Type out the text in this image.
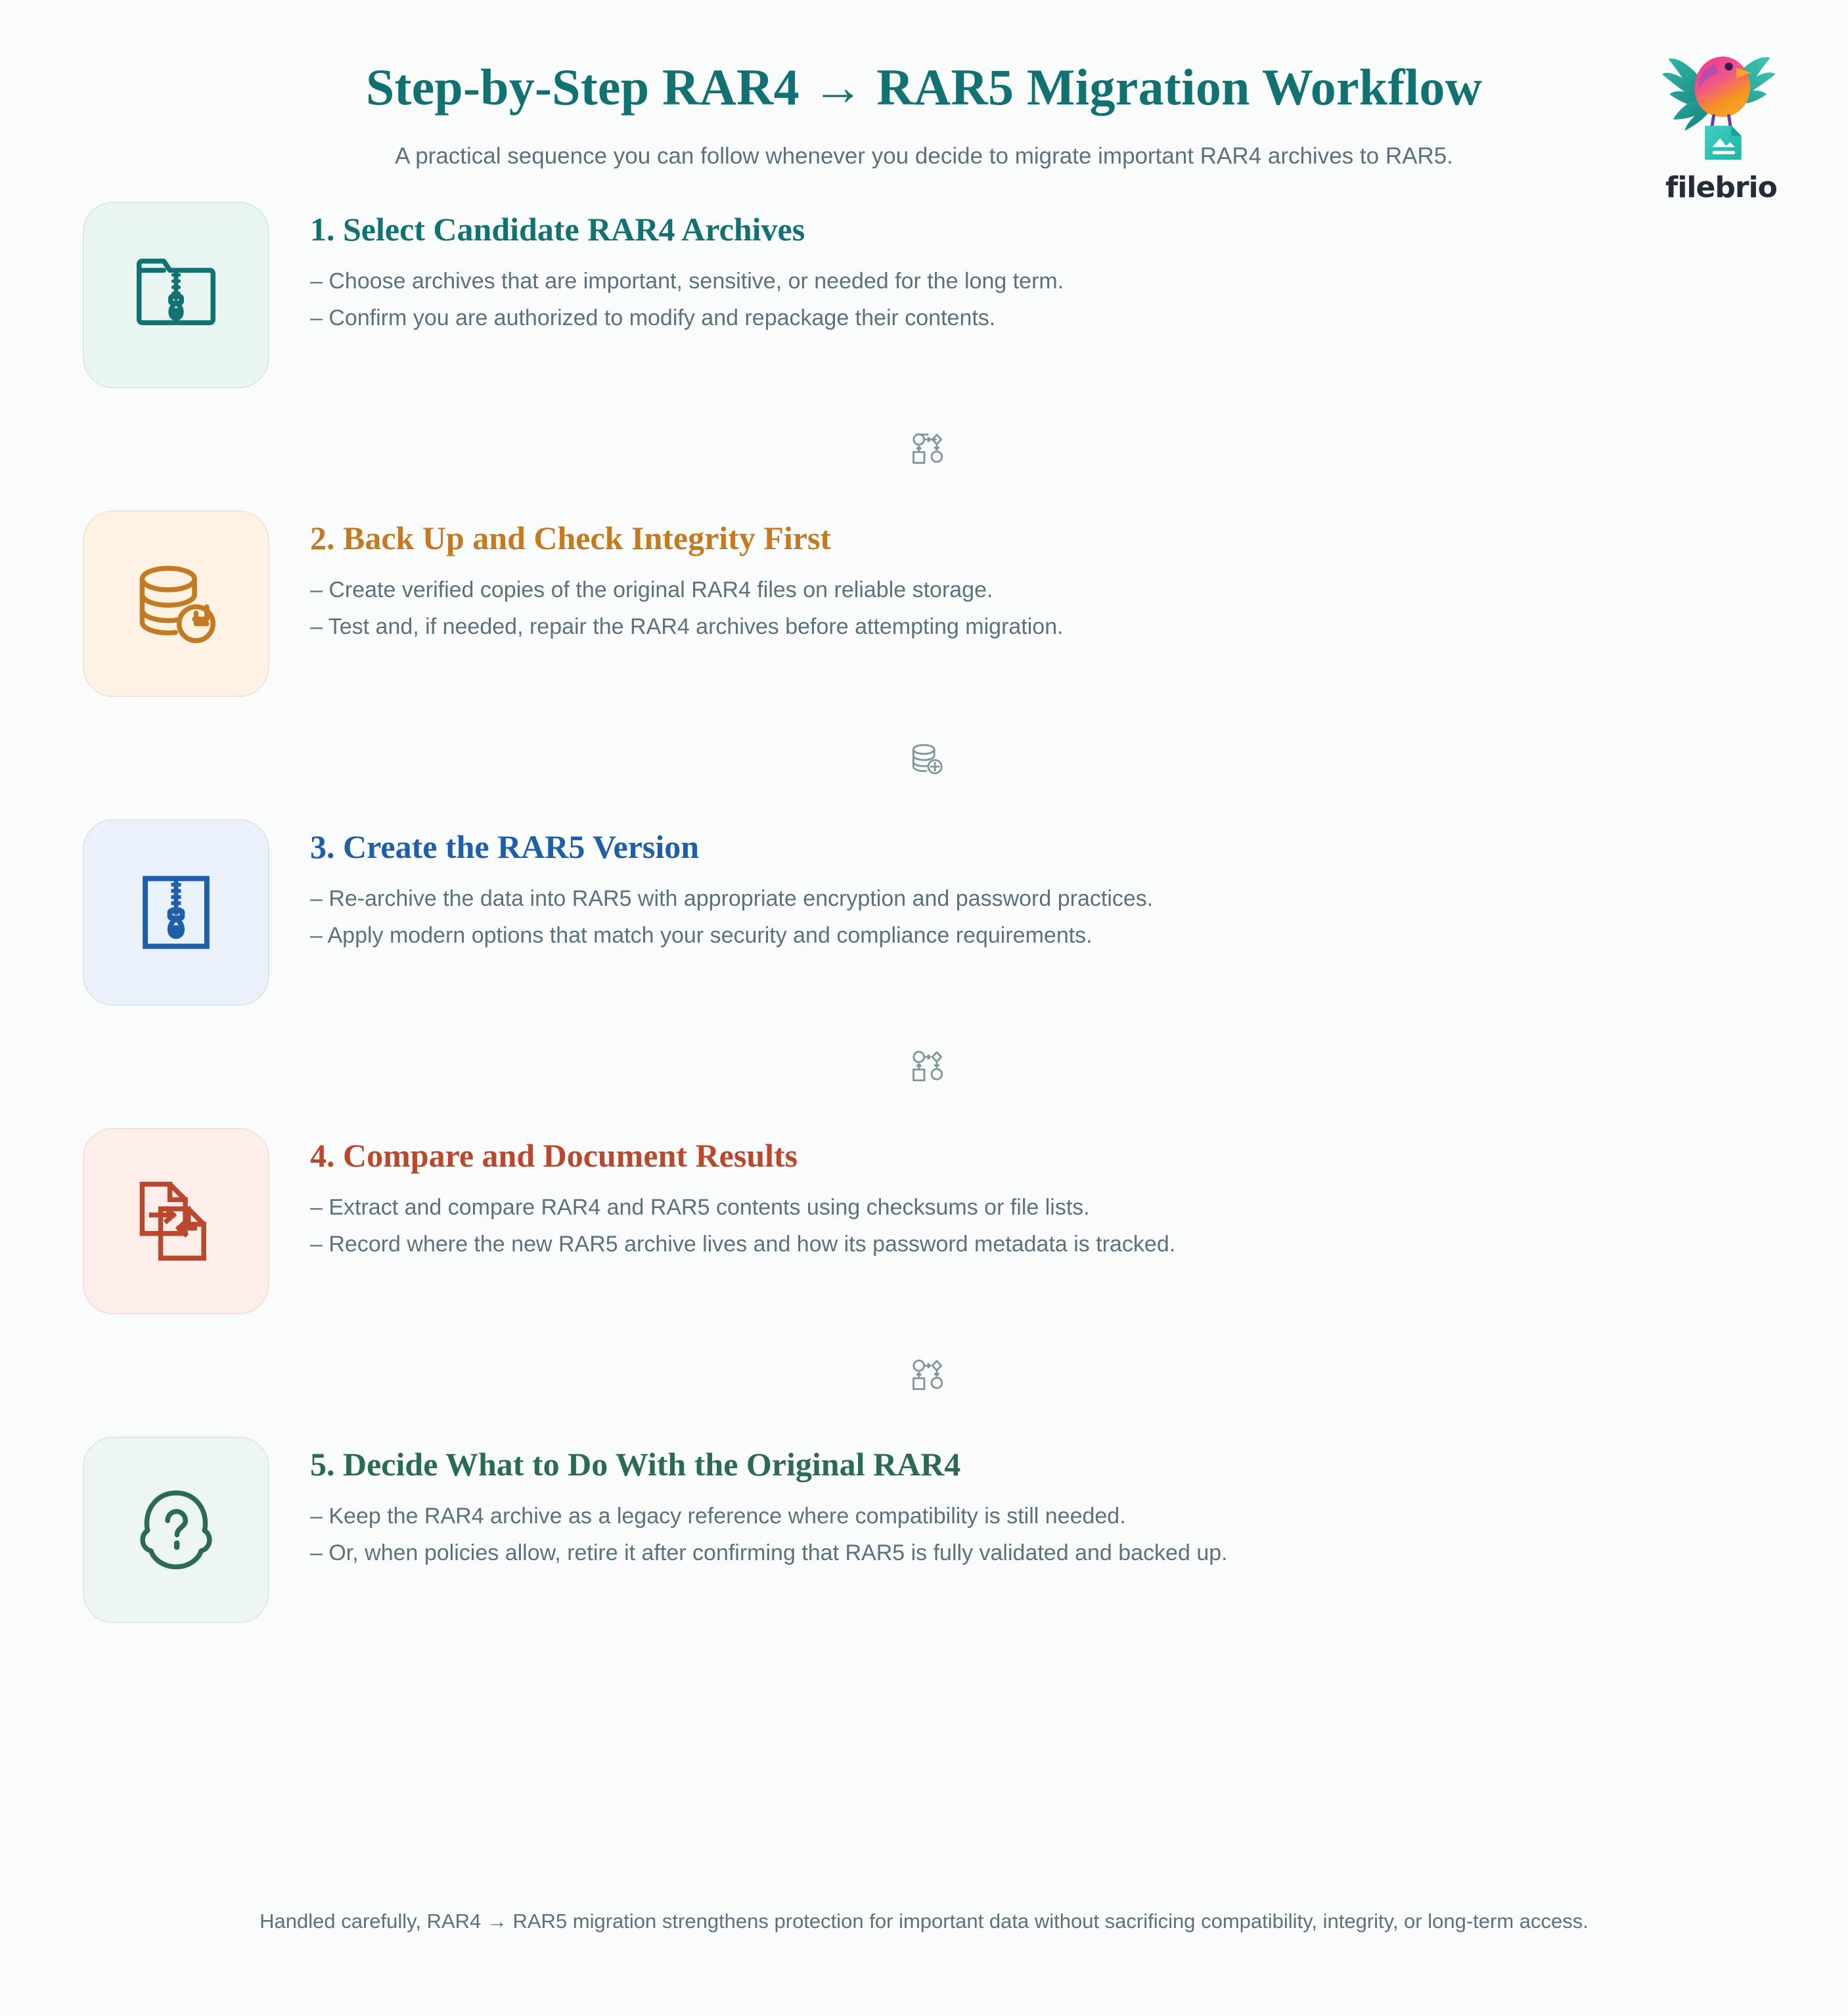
Step-by-Step RAR4 → RAR5 Migration Workflow
A practical sequence you can follow whenever you decide to migrate important RAR4 archives to RAR5.
filebrio
1. Select Candidate RAR4 Archives
– Choose archives that are important, sensitive, or needed for the long term.
– Confirm you are authorized to modify and repackage their contents.
2. Back Up and Check Integrity First
– Create verified copies of the original RAR4 files on reliable storage.
– Test and, if needed, repair the RAR4 archives before attempting migration.
3. Create the RAR5 Version
– Re-archive the data into RAR5 with appropriate encryption and password practices.
– Apply modern options that match your security and compliance requirements.
4. Compare and Document Results
– Extract and compare RAR4 and RAR5 contents using checksums or file lists.
– Record where the new RAR5 archive lives and how its password metadata is tracked.
5. Decide What to Do With the Original RAR4
– Keep the RAR4 archive as a legacy reference where compatibility is still needed.
– Or, when policies allow, retire it after confirming that RAR5 is fully validated and backed up.
Handled carefully, RAR4 → RAR5 migration strengthens protection for important data without sacrificing compatibility, integrity, or long-term access.
